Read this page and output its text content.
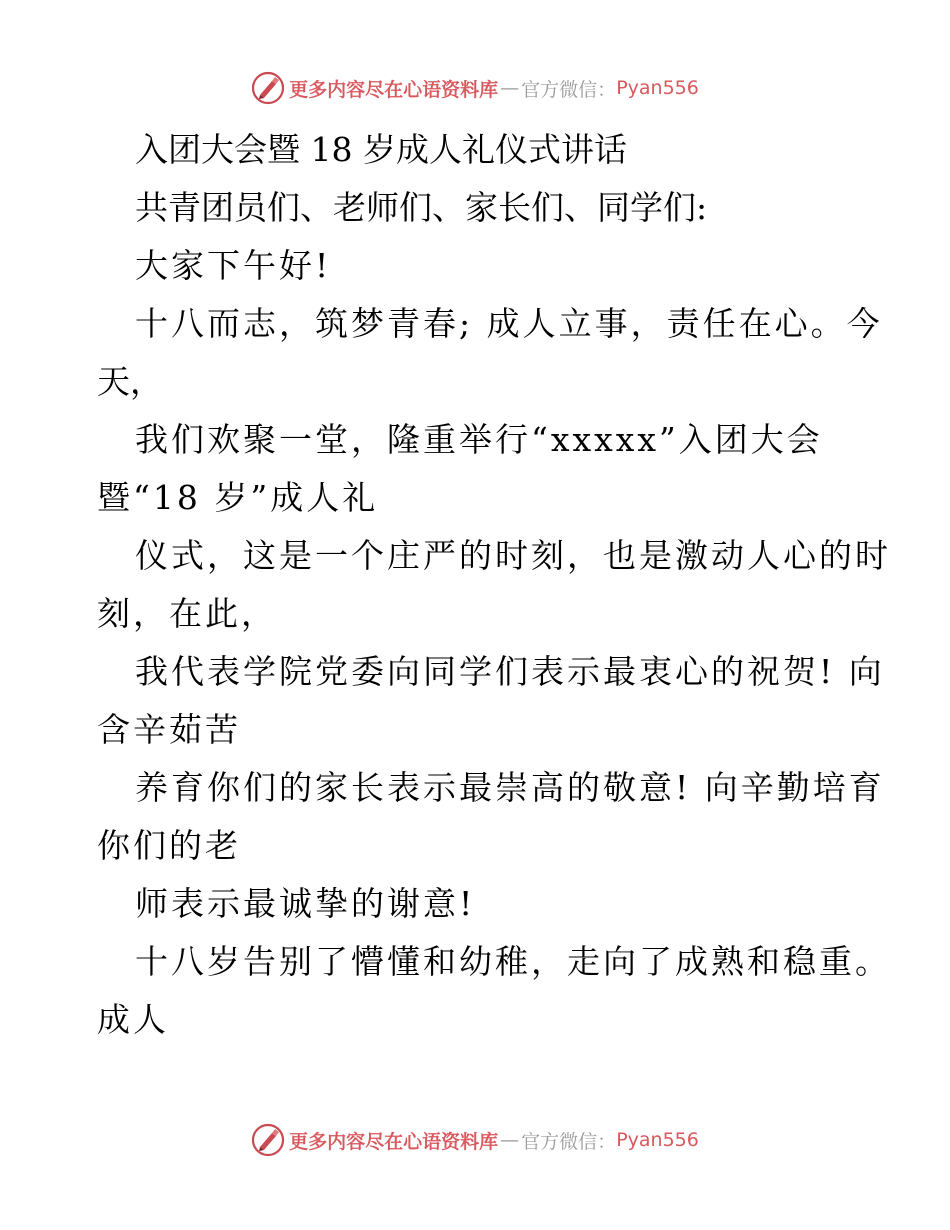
更多内容尽在心语资料库 — 官方微信： Pyan556
入团大会暨 18 岁成人礼仪式讲话
共青团员们、老师们、家长们、同学们:
大家下午好!
十八而志，筑梦青春; 成人立事，责任在心。今
天，
我们欢聚一堂，隆重举行“xxxxx”入团大会
暨“18 岁”成人礼
仪式，这是一个庄严的时刻，也是激动人心的时
刻，在此，
我代表学院党委向同学们表示最衷心的祝贺! 向
含辛茹苦
养育你们的家长表示最崇高的敬意! 向辛勤培育
你们的老
师表示最诚挚的谢意!
十八岁告别了懵懂和幼稚，走向了成熟和稳重。
成人
更多内容尽在心语资料库 — 官方微信： Pyan556
